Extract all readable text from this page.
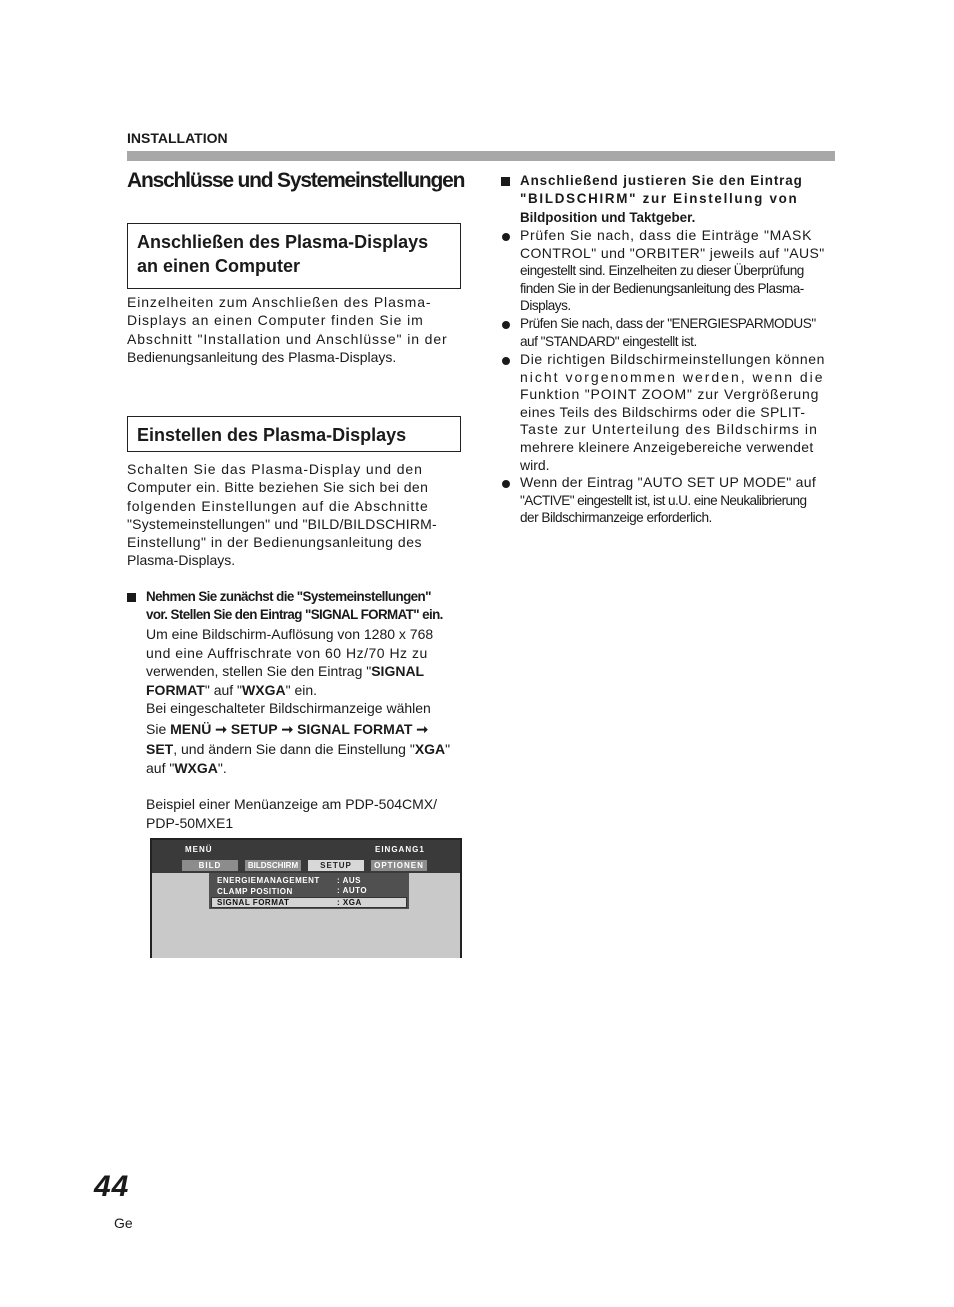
INSTALLATION
Anschlüsse und Systemeinstellungen
Anschließen des Plasma-Displays
an einen Computer
Einzelheiten zum Anschließen des Plasma-
Displays an einen Computer finden Sie im
Abschnitt "Installation und Anschlüsse" in der
Bedienungsanleitung des Plasma-Displays.
Einstellen des Plasma-Displays
Schalten Sie das Plasma-Display und den
Computer ein. Bitte beziehen Sie sich bei den
folgenden Einstellungen auf die Abschnitte
"Systemeinstellungen" und "BILD/BILDSCHIRM-
Einstellung" in der Bedienungsanleitung des
Plasma-Displays.
Nehmen Sie zunächst die "Systemeinstellungen"
vor. Stellen Sie den Eintrag "SIGNAL FORMAT" ein.
Um eine Bildschirm-Auflösung von 1280 x 768
und eine Auffrischrate von 60 Hz/70 Hz zu
verwenden, stellen Sie den Eintrag "SIGNAL
FORMAT" auf "WXGA" ein.
Bei eingeschalteter Bildschirmanzeige wählen
Sie MENÜ ➞ SETUP ➞ SIGNAL FORMAT ➞
SET, und ändern Sie dann die Einstellung "XGA"
auf "WXGA".
Beispiel einer Menüanzeige am PDP-504CMX/
PDP-50MXE1
MENÜ	EINGANG1
BILD	BILDSCHIRM	SETUP	OPTIONEN
ENERGIEMANAGEMENT : AUS
CLAMP POSITION	: AUTO
SIGNAL FORMAT	: XGA
Anschließend justieren Sie den Eintrag
"BILDSCHIRM" zur Einstellung von
Bildposition und Taktgeber.
Prüfen Sie nach, dass die Einträge "MASK
CONTROL" und "ORBITER" jeweils auf "AUS"
eingestellt sind. Einzelheiten zu dieser Überprüfung
finden Sie in der Bedienungsanleitung des Plasma-
Displays.
Prüfen Sie nach, dass der "ENERGIESPARMODUS"
auf "STANDARD" eingestellt ist.
Die richtigen Bildschirmeinstellungen können
nicht vorgenommen werden, wenn die
Funktion "POINT ZOOM" zur Vergrößerung
eines Teils des Bildschirms oder die SPLIT-
Taste zur Unterteilung des Bildschirms in
mehrere kleinere Anzeigebereiche verwendet
wird.
Wenn der Eintrag "AUTO SET UP MODE" auf
"ACTIVE" eingestellt ist, ist u.U. eine Neukalibrierung
der Bildschirmanzeige erforderlich.
44
Ge
